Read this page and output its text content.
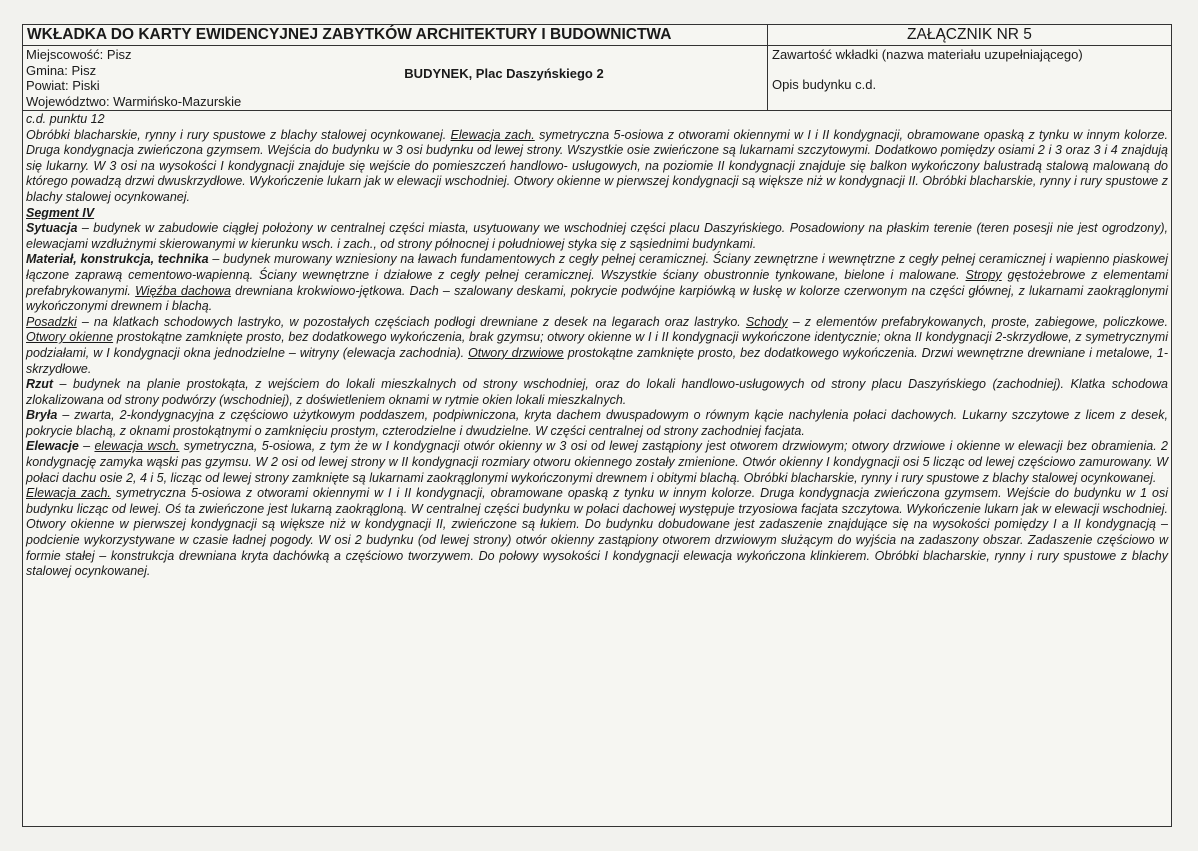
WKŁADKA DO KARTY EWIDENCYJNEJ ZABYTKÓW ARCHITEKTURY I BUDOWNICTWA	ZAŁĄCZNIK NR 5
Miejscowość: Pisz
Gmina: Pisz
Powiat: Piski
Województwo: Warmińsko-Mazurskie
BUDYNEK, Plac Daszyńskiego 2
Zawartość wkładki (nazwa materiału uzupełniającego)
Opis budynku c.d.

c.d. punktu 12

Obróbki blacharskie, rynny i rury spustowe z blachy stalowej ocynkowanej. Elewacja zach. symetryczna 5-osiowa z otworami okiennymi w I i II kondygnacji, obramowane opaską z tynku w innym kolorze. Druga kondygnacja zwieńczona gzymsem. Wejścia do budynku w 3 osi budynku od lewej strony. Wszystkie osie zwieńczone są lukarnami szczytowymi. Dodatkowo pomiędzy osiami 2 i 3 oraz 3 i 4 znajdują się lukarny. W 3 osi na wysokości I kondygnacji znajduje się wejście do pomieszczeń handlowo- usługowych, na poziomie II kondygnacji znajduje się balkon wykończony balustradą stalową malowaną do którego powadzą drzwi dwuskrzydłowe. Wykończenie lukarn jak w elewacji wschodniej. Otwory okienne w pierwszej kondygnacji są większe niż w kondygnacji II. Obróbki blacharskie, rynny i rury spustowe z blachy stalowej ocynkowanej.

Segment IV

Sytuacja – budynek w zabudowie ciągłej położony w centralnej części miasta, usytuowany we wschodniej części placu Daszyńskiego. Posadowiony na płaskim terenie (teren posesji nie jest ogrodzony), elewacjami wzdłużnymi skierowanymi w kierunku wsch. i zach., od strony północnej i południowej styka się z sąsiednimi budynkami.

Materiał, konstrukcja, technika – budynek murowany wzniesiony na ławach fundamentowych z cegły pełnej ceramicznej. Ściany zewnętrzne i wewnętrzne z cegły pełnej ceramicznej i wapienno piaskowej łączone zaprawą cementowo-wapienną. Ściany wewnętrzne i działowe z cegły pełnej ceramicznej. Wszystkie ściany obustronnie tynkowane, bielone i malowane. Stropy gęstożebrowe z elementami prefabrykowanymi. Więźba dachowa drewniana krokwiowo-jętkowa. Dach – szalowany deskami, pokrycie podwójne karpiówką w łuskę w kolorze czerwonym na części głównej, z lukarnami zaokrąglonymi wykończonymi drewnem i blachą.

Posadzki – na klatkach schodowych lastryko, w pozostałych częściach podłogi drewniane z desek na legarach oraz lastryko. Schody – z elementów prefabrykowanych, proste, zabiegowe, policzkowe. Otwory okienne prostokątne zamknięte prosto, bez dodatkowego wykończenia, brak gzymsu; otwory okienne w I i II kondygnacji wykończone identycznie; okna II kondygnacji 2-skrzydłowe, z symetrycznymi podziałami, w I kondygnacji okna jednodzielne – witryny (elewacja zachodnia). Otwory drzwiowe prostokątne zamknięte prosto, bez dodatkowego wykończenia. Drzwi wewnętrzne drewniane i metalowe, 1-skrzydłowe.

Rzut – budynek na planie prostokąta, z wejściem do lokali mieszkalnych od strony wschodniej, oraz do lokali handlowo-usługowych od strony placu Daszyńskiego (zachodniej). Klatka schodowa zlokalizowana od strony podwórzy (wschodniej), z doświetleniem oknami w rytmie okien lokali mieszkalnych.

Bryła – zwarta, 2-kondygnacyjna z częściowo użytkowym poddaszem, podpiwniczona, kryta dachem dwuspadowym o równym kącie nachylenia połaci dachowych. Lukarny szczytowe z licem z desek, pokrycie blachą, z oknami prostokątnymi o zamknięciu prostym, czterodzielne i dwudzielne. W części centralnej od strony zachodniej facjata.

Elewacje – elewacja wsch. symetryczna, 5-osiowa, z tym że w I kondygnacji otwór okienny w 3 osi od lewej zastąpiony jest otworem drzwiowym; otwory drzwiowe i okienne w elewacji bez obramienia. 2 kondygnację zamyka wąski pas gzymsu. W 2 osi od lewej strony w II kondygnacji rozmiary otworu okiennego zostały zmienione. Otwór okienny I kondygnacji osi 5 licząc od lewej częściowo zamurowany. W połaci dachu osie 2, 4 i 5, licząc od lewej strony zamknięte są lukarnami zaokrąglonymi wykończonymi drewnem i obitymi blachą. Obróbki blacharskie, rynny i rury spustowe z blachy stalowej ocynkowanej.

Elewacja zach. symetryczna 5-osiowa z otworami okiennymi w I i II kondygnacji, obramowane opaską z tynku w innym kolorze. Druga kondygnacja zwieńczona gzymsem. Wejście do budynku w 1 osi budynku licząc od lewej. Oś ta zwieńczone jest lukarną zaokrągloną. W centralnej części budynku w połaci dachowej występuje trzyosiowa facjata szczytowa. Wykończenie lukarn jak w elewacji wschodniej. Otwory okienne w pierwszej kondygnacji są większe niż w kondygnacji II, zwieńczone są łukiem. Do budynku dobudowane jest zadaszenie znajdujące się na wysokości pomiędzy I a II kondygnacją – podcienie wykorzystywane w czasie ładnej pogody. W osi 2 budynku (od lewej strony) otwór okienny zastąpiony otworem drzwiowym służącym do wyjścia na zadaszony obszar. Zadaszenie częściowo w formie stałej – konstrukcja drewniana kryta dachówką a częściowo tworzywem. Do połowy wysokości I kondygnacji elewacja wykończona klinkierem. Obróbki blacharskie, rynny i rury spustowe z blachy stalowej ocynkowanej.
